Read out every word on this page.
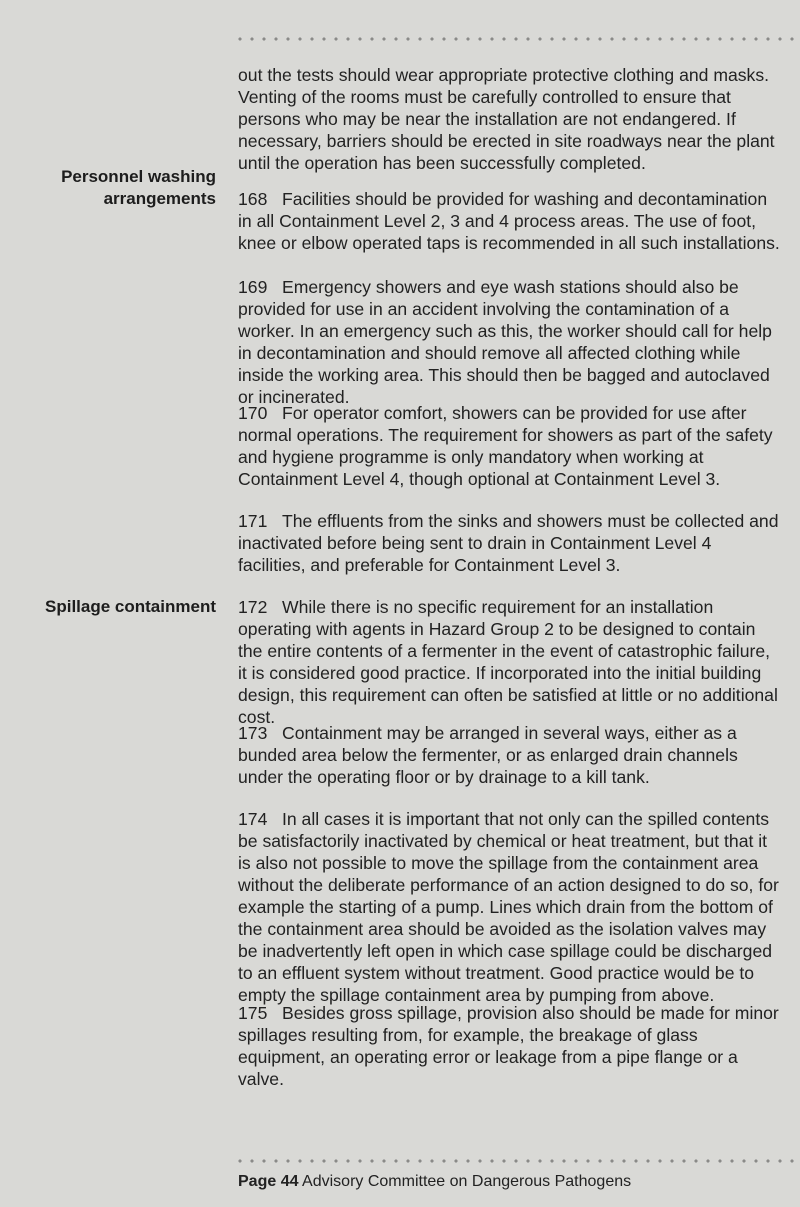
Personnel washing
arrangements
Spillage containment

out the tests should wear appropriate protective clothing and masks. Venting of the rooms must be carefully controlled to ensure that persons who may be near the installation are not endangered. If necessary, barriers should be erected in site roadways near the plant until the operation has been successfully completed.

168 Facilities should be provided for washing and decontamination in all Containment Level 2, 3 and 4 process areas. The use of foot, knee or elbow operated taps is recommended in all such installations.

169 Emergency showers and eye wash stations should also be provided for use in an accident involving the contamination of a worker. In an emergency such as this, the worker should call for help in decontamination and should remove all affected clothing while inside the working area. This should then be bagged and autoclaved or incinerated.

170 For operator comfort, showers can be provided for use after normal operations. The requirement for showers as part of the safety and hygiene programme is only mandatory when working at Containment Level 4, though optional at Containment Level 3.

171 The effluents from the sinks and showers must be collected and inactivated before being sent to drain in Containment Level 4 facilities, and preferable for Containment Level 3.

172 While there is no specific requirement for an installation operating with agents in Hazard Group 2 to be designed to contain the entire contents of a fermenter in the event of catastrophic failure, it is considered good practice. If incorporated into the initial building design, this requirement can often be satisfied at little or no additional cost.

173 Containment may be arranged in several ways, either as a bunded area below the fermenter, or as enlarged drain channels under the operating floor or by drainage to a kill tank.

174 In all cases it is important that not only can the spilled contents be satisfactorily inactivated by chemical or heat treatment, but that it is also not possible to move the spillage from the containment area without the deliberate performance of an action designed to do so, for example the starting of a pump. Lines which drain from the bottom of the containment area should be avoided as the isolation valves may be inadvertently left open in which case spillage could be discharged to an effluent system without treatment. Good practice would be to empty the spillage containment area by pumping from above.

175 Besides gross spillage, provision also should be made for minor spillages resulting from, for example, the breakage of glass equipment, an operating error or leakage from a pipe flange or a valve.

Page 44 Advisory Committee on Dangerous Pathogens
